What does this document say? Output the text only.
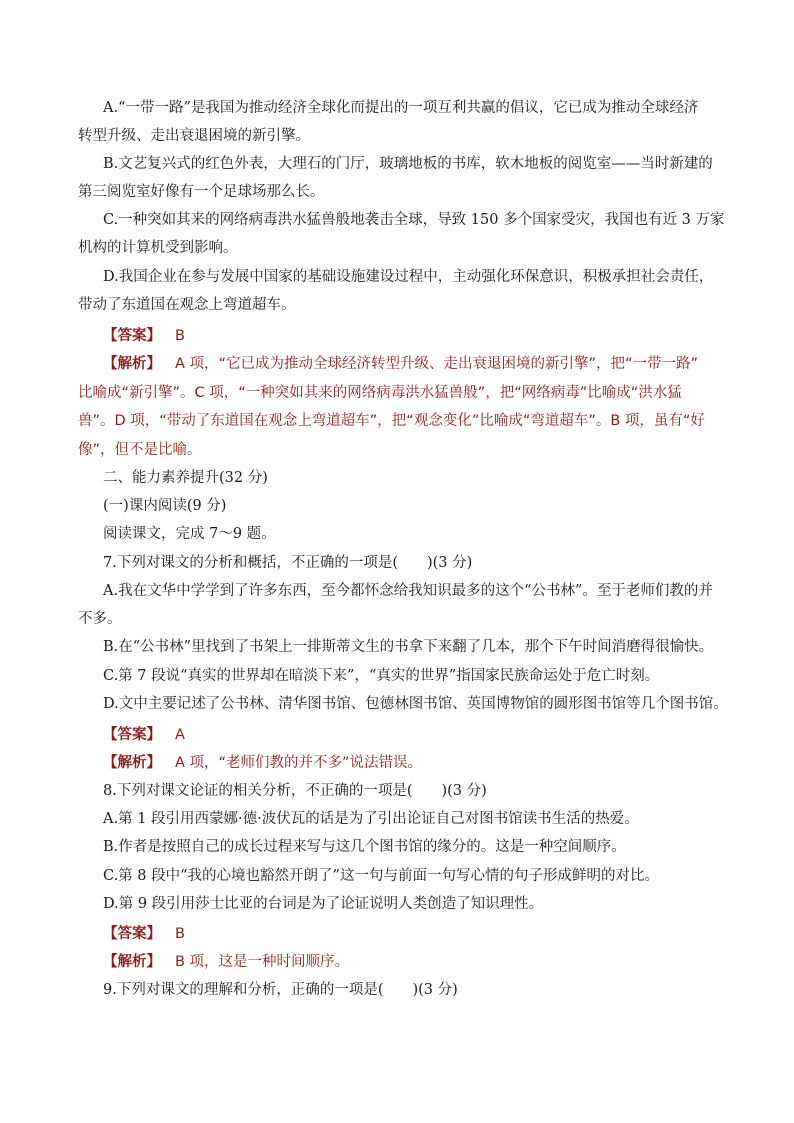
A.“一带一路”是我国为推动经济全球化而提出的一项互利共赢的倡议，它已成为推动全球经济
转型升级、走出衰退困境的新引擎。
B.文艺复兴式的红色外表，大理石的门厅，玻璃地板的书库，软木地板的阅览室——当时新建的
第三阅览室好像有一个足球场那么长。
C.一种突如其来的网络病毒洪水猛兽般地袭击全球，导致 150 多个国家受灾，我国也有近 3 万家
机构的计算机受到影响。
D.我国企业在参与发展中国家的基础设施建设过程中，主动强化环保意识，积极承担社会责任，
带动了东道国在观念上弯道超车。
【答案】 B
【解析】 A 项，“它已成为推动全球经济转型升级、走出衰退困境的新引擎”，把“一带一路”
比喻成“新引擎”。C 项，“一种突如其来的网络病毒洪水猛兽般”，把“网络病毒”比喻成“洪水猛
兽”。D 项，“带动了东道国在观念上弯道超车”，把“观念变化”比喻成“弯道超车”。B 项，虽有“好
像”，但不是比喻。
二、能力素养提升(32 分)
(一)课内阅读(9 分)
阅读课文，完成 7～9 题。
7.下列对课文的分析和概括，不正确的一项是(　　)(3 分)
A.我在文华中学学到了许多东西，至今都怀念给我知识最多的这个“公书林”。至于老师们教的并
不多。
B.在“公书林”里找到了书架上一排斯蒂文生的书拿下来翻了几本，那个下午时间消磨得很愉快。
C.第 7 段说“真实的世界却在暗淡下来”，“真实的世界”指国家民族命运处于危亡时刻。
D.文中主要记述了公书林、清华图书馆、包德林图书馆、英国博物馆的圆形图书馆等几个图书馆。
【答案】 A
【解析】 A 项，“老师们教的并不多”说法错误。
8.下列对课文论证的相关分析，不正确的一项是(　　)(3 分)
A.第 1 段引用西蒙娜·德·波伏瓦的话是为了引出论证自己对图书馆读书生活的热爱。
B.作者是按照自己的成长过程来写与这几个图书馆的缘分的。这是一种空间顺序。
C.第 8 段中“我的心境也豁然开朗了”这一句与前面一句写心情的句子形成鲜明的对比。
D.第 9 段引用莎士比亚的台词是为了论证说明人类创造了知识理性。
【答案】 B
【解析】 B 项，这是一种时间顺序。
9.下列对课文的理解和分析，正确的一项是(　　)(3 分)
